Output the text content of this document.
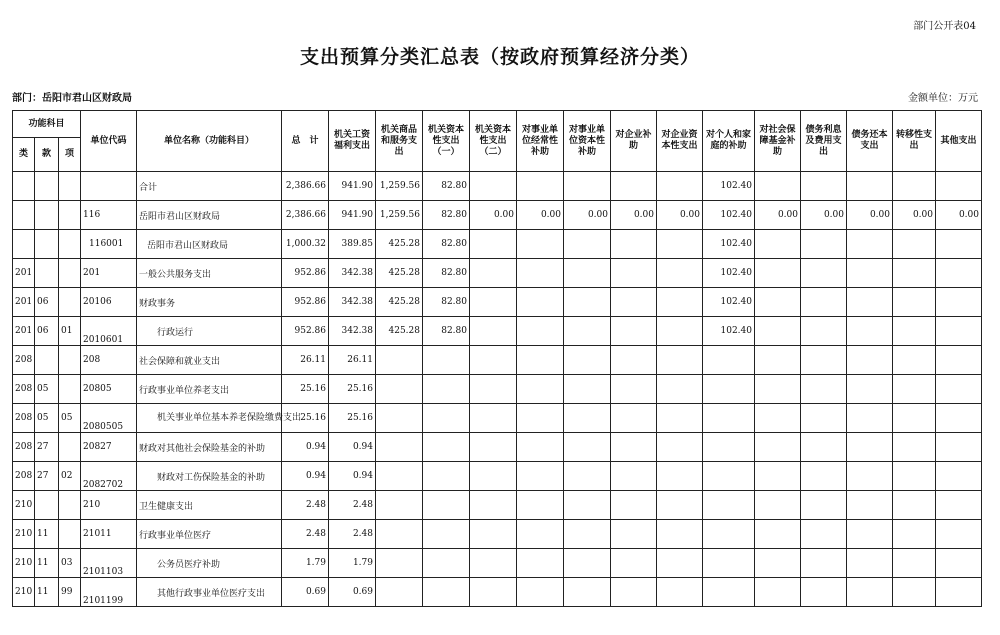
部门公开表04
支出预算分类汇总表（按政府预算经济分类）
部门：岳阳市君山区财政局	金额单位：万元
功能科目			单位代码	单位名称（功能科目）	总　计	机关工资福利支出	机关商品和服务支出	机关资本性支出（一）	机关资本性支出（二）	对事业单位经常性补助	对事业单位资本性补助	对企业补助	对企业资本性支出	对个人和家庭的补助	对社会保障基金补助	债务利息及费用支出	债务还本支出	转移性支出	其他支出
类	款	项																	
				合计	2,386.66	941.90	1,259.56	82.80						102.40					
			116	岳阳市君山区财政局	2,386.66	941.90	1,259.56	82.80	0.00	0.00	0.00	0.00	0.00	102.40	0.00	0.00	0.00	0.00	0.00
			116001	岳阳市君山区财政局	1,000.32	389.85	425.28	82.80						102.40					
201			201	一般公共服务支出	952.86	342.38	425.28	82.80						102.40					
201	06		20106	财政事务	952.86	342.38	425.28	82.80						102.40					
201	06	01	2010601	行政运行	952.86	342.38	425.28	82.80						102.40					
208			208	社会保障和就业支出	26.11	26.11													
208	05		20805	行政事业单位养老支出	25.16	25.16													
208	05	05	2080505	机关事业单位基本养老保险缴费支出	25.16	25.16													
208	27		20827	财政对其他社会保险基金的补助	0.94	0.94													
208	27	02	2082702	财政对工伤保险基金的补助	0.94	0.94													
210			210	卫生健康支出	2.48	2.48													
210	11		21011	行政事业单位医疗	2.48	2.48													
210	11	03	2101103	公务员医疗补助	1.79	1.79													
210	11	99	2101199	其他行政事业单位医疗支出	0.69	0.69													
